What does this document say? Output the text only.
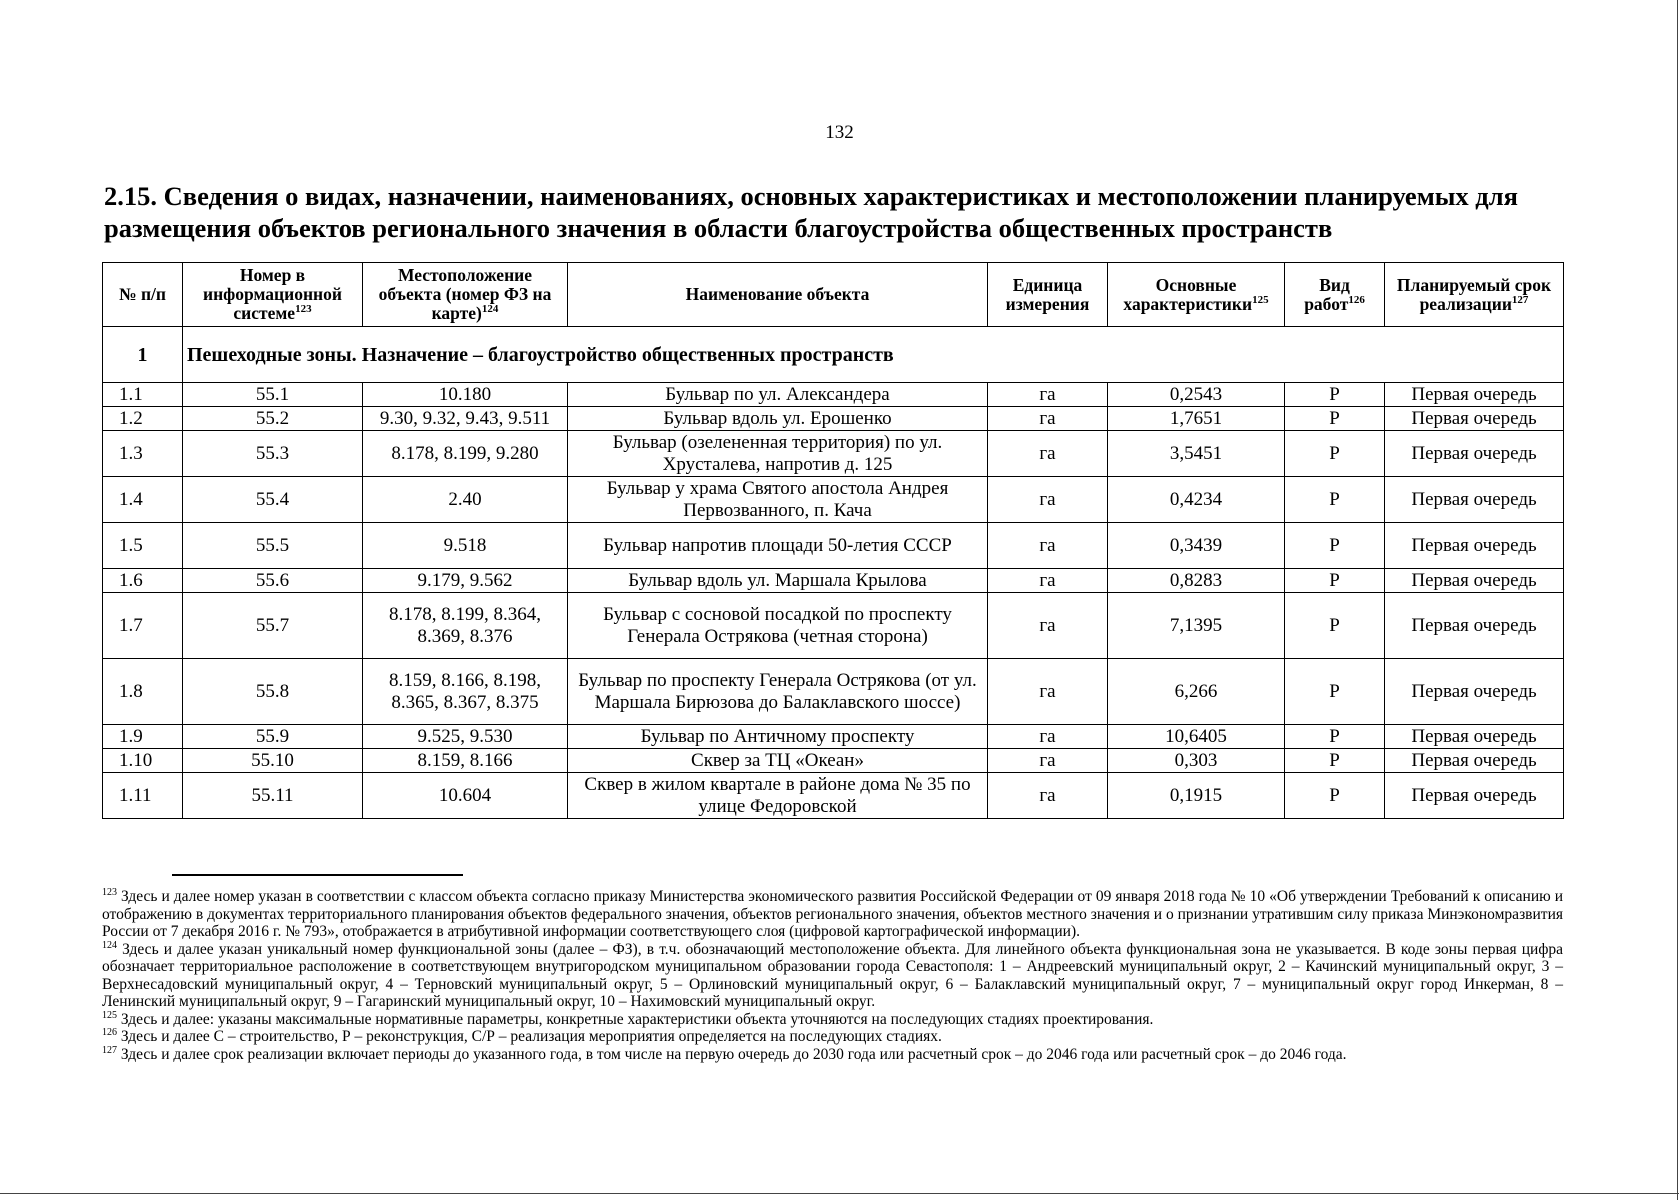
132
2.15. Сведения о видах, назначении, наименованиях, основных характеристиках и местоположении планируемых для размещения объектов регионального значения в области благоустройства общественных пространств
№ п/п	Номер в информационной системе$^{123}$	Местоположение объекта (номер ФЗ на карте)$^{124}$	Наименование объекта	Единица измерения	Основные характеристики$^{125}$	Вид работ$^{126}$	Планируемый срок реализации$^{127}$
1	Пешеходные зоны. Назначение – благоустройство общественных пространств						
1.1	55.1	10.180	Бульвар по ул. Александера	га	0,2543	Р	Первая очередь
1.2	55.2	9.30, 9.32, 9.43, 9.511	Бульвар вдоль ул. Ерошенко	га	1,7651	Р	Первая очередь
1.3	55.3	8.178, 8.199, 9.280	Бульвар (озелененная территория) по ул. Хрусталева, напротив д. 125	га	3,5451	Р	Первая очередь
1.4	55.4	2.40	Бульвар у храма Святого апостола Андрея Первозванного, п. Кача	га	0,4234	Р	Первая очередь
1.5	55.5	9.518	Бульвар напротив площади 50-летия СССР	га	0,3439	Р	Первая очередь
1.6	55.6	9.179, 9.562	Бульвар вдоль ул. Маршала Крылова	га	0,8283	Р	Первая очередь
1.7	55.7	8.178, 8.199, 8.364, 8.369, 8.376	Бульвар с сосновой посадкой по проспекту Генерала Острякова (четная сторона)	га	7,1395	Р	Первая очередь
1.8	55.8	8.159, 8.166, 8.198, 8.365, 8.367, 8.375	Бульвар по проспекту Генерала Острякова (от ул. Маршала Бирюзова до Балаклавского шоссе)	га	6,266	Р	Первая очередь
1.9	55.9	9.525, 9.530	Бульвар по Античному проспекту	га	10,6405	Р	Первая очередь
1.10	55.10	8.159, 8.166	Сквер за ТЦ «Океан»	га	0,303	Р	Первая очередь
1.11	55.11	10.604	Сквер в жилом квартале в районе дома № 35 по улице Федоровской	га	0,1915	Р	Первая очередь

$^{123}$ Здесь и далее номер указан в соответствии с классом объекта согласно приказу Министерства экономического развития Российской Федерации от 09 января 2018 года № 10 «Об утверждении Требований к описанию и отображению в документах территориального планирования объектов федерального значения, объектов регионального значения, объектов местного значения и о признании утратившим силу приказа Минэкономразвития России от 7 декабря 2016 г. № 793», отображается в атрибутивной информации соответствующего слоя (цифровой картографической информации).

$^{124}$ Здесь и далее указан уникальный номер функциональной зоны (далее – ФЗ), в т.ч. обозначающий местоположение объекта. Для линейного объекта функциональная зона не указывается. В коде зоны первая цифра обозначает территориальное расположение в соответствующем внутригородском муниципальном образовании города Севастополя: 1 – Андреевский муниципальный округ, 2 – Качинский муниципальный округ, 3 – Верхнесадовский муниципальный округ, 4 – Терновский муниципальный округ, 5 – Орлиновский муниципальный округ, 6 – Балаклавский муниципальный округ, 7 – муниципальный округ город Инкерман, 8 – Ленинский муниципальный округ, 9 – Гагаринский муниципальный округ, 10 – Нахимовский муниципальный округ.

$^{125}$ Здесь и далее: указаны максимальные нормативные параметры, конкретные характеристики объекта уточняются на последующих стадиях проектирования.

$^{126}$ Здесь и далее С – строительство, Р – реконструкция, С/Р – реализация мероприятия определяется на последующих стадиях.

$^{127}$ Здесь и далее срок реализации включает периоды до указанного года, в том числе на первую очередь до 2030 года или расчетный срок – до 2046 года или расчетный срок – до 2046 года.
